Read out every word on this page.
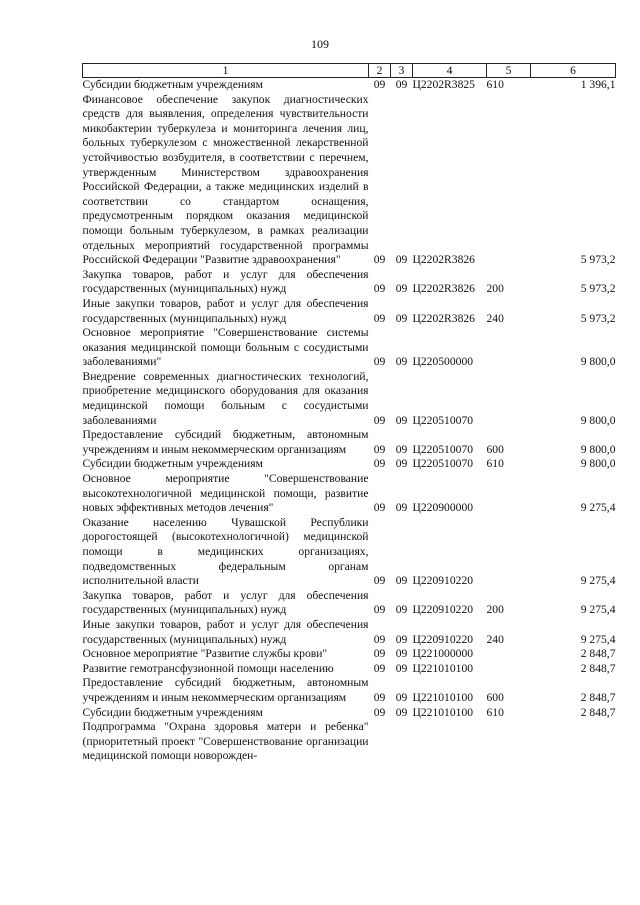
109
1	2	3	4	5	6
Субсидии бюджетным учреждениям	09	09	Ц2202R3825	610	1 396,1
Финансовое обеспечение закупок диагностических средств для выявления, определения чувствительности микобактерии туберкулеза и мониторинга лечения лиц, больных туберкулезом с множественной лекарственной устойчивостью возбудителя, в соответствии с перечнем, утвержденным Министерством здравоохранения Российской Федерации, а также медицинских изделий в соответствии со стандартом оснащения, предусмотренным порядком оказания медицинской помощи больным туберкулезом, в рамках реализации отдельных мероприятий государственной программы Российской Федерации "Развитие здравоохранения"	09	09	Ц2202R3826		5 973,2
Закупка товаров, работ и услуг для обеспечения государственных (муниципальных) нужд	09	09	Ц2202R3826	200	5 973,2
Иные закупки товаров, работ и услуг для обеспечения государственных (муниципальных) нужд	09	09	Ц2202R3826	240	5 973,2
Основное мероприятие "Совершенствование системы оказания медицинской помощи больным с сосудистыми заболеваниями"	09	09	Ц220500000		9 800,0
Внедрение современных диагностических технологий, приобретение медицинского оборудования для оказания медицинской помощи больным с сосудистыми заболеваниями	09	09	Ц220510070		9 800,0
Предоставление субсидий бюджетным, автономным учреждениям и иным некоммерческим организациям	09	09	Ц220510070	600	9 800,0
Субсидии бюджетным учреждениям	09	09	Ц220510070	610	9 800,0
Основное мероприятие "Совершенствование высокотехнологичной медицинской помощи, развитие новых эффективных методов лечения"	09	09	Ц220900000		9 275,4
Оказание населению Чувашской Республики дорогостоящей (высокотехнологичной) медицинской помощи в медицинских организациях, подведомственных федеральным органам исполнительной власти	09	09	Ц220910220		9 275,4
Закупка товаров, работ и услуг для обеспечения государственных (муниципальных) нужд	09	09	Ц220910220	200	9 275,4
Иные закупки товаров, работ и услуг для обеспечения государственных (муниципальных) нужд	09	09	Ц220910220	240	9 275,4
Основное мероприятие "Развитие службы крови"	09	09	Ц221000000		2 848,7
Развитие гемотрансфузионной помощи населению	09	09	Ц221010100		2 848,7
Предоставление субсидий бюджетным, автономным учреждениям и иным некоммерческим организациям	09	09	Ц221010100	600	2 848,7
Субсидии бюджетным учреждениям	09	09	Ц221010100	610	2 848,7
Подпрограмма "Охрана здоровья матери и ребенка" (приоритетный проект "Совершенствование организации медицинской помощи новорожден-					
